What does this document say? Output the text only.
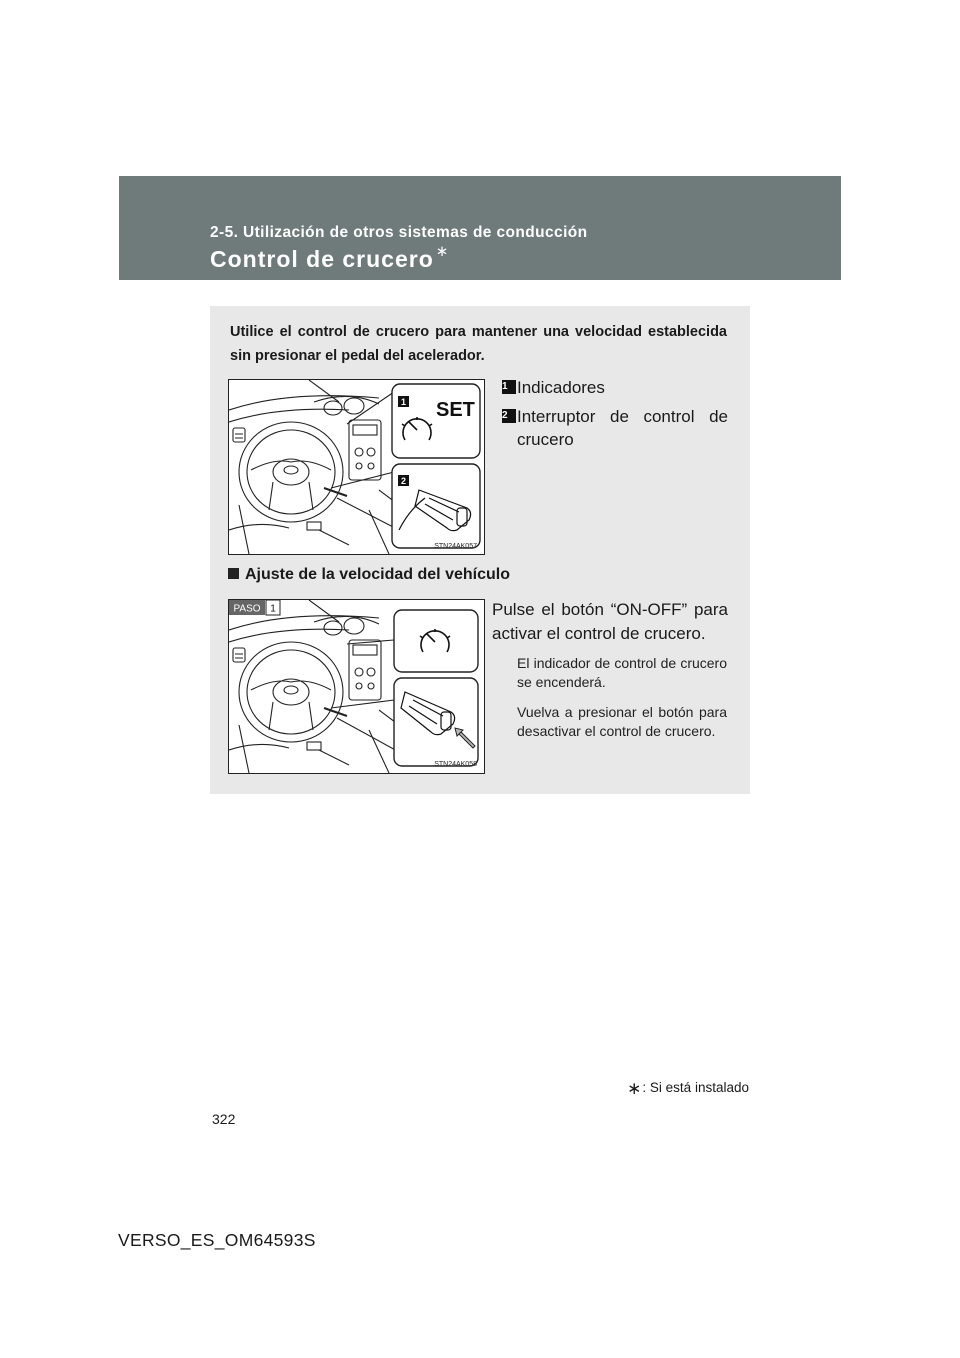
2-5. Utilización de otros sistemas de conducción
Control de crucero ∗
Utilice el control de crucero para mantener una velocidad establecida sin presionar el pedal del acelerador.
1 SET
2
STN24AK057
1 Indicadores
2 Interruptor de control de crucero
Ajuste de la velocidad del vehículo
PASO 1
STN24AK058
Pulse el botón “ON-OFF” para activar el control de crucero.
El indicador de control de crucero se encenderá.
Vuelva a presionar el botón para desactivar el control de crucero.
∗: Si está instalado
322
VERSO_ES_OM64593S
